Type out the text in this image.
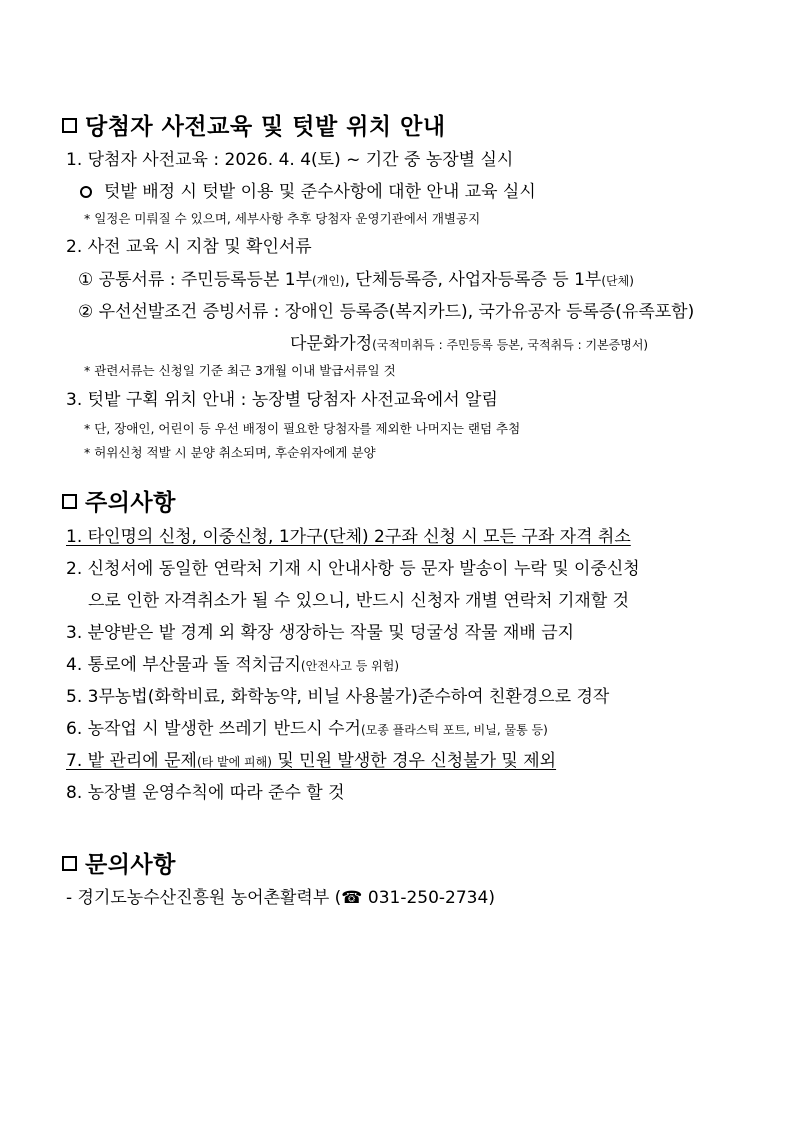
당첨자 사전교육 및 텃밭 위치 안내
1. 당첨자 사전교육 : 2026. 4. 4(토) ~ 기간 중 농장별 실시
텃밭 배정 시 텃밭 이용 및 준수사항에 대한 안내 교육 실시
* 일정은 미뤄질 수 있으며, 세부사항 추후 당첨자 운영기관에서 개별공지
2. 사전 교육 시 지참 및 확인서류
① 공통서류 : 주민등록등본 1부(개인), 단체등록증, 사업자등록증 등 1부(단체)
② 우선선발조건 증빙서류 : 장애인 등록증(복지카드), 국가유공자 등록증(유족포함)
다문화가정(국적미취득 : 주민등록 등본, 국적취득 : 기본증명서)
* 관련서류는 신청일 기준 최근 3개월 이내 발급서류일 것
3. 텃밭 구획 위치 안내 : 농장별 당첨자 사전교육에서 알림
* 단, 장애인, 어린이 등 우선 배정이 필요한 당첨자를 제외한 나머지는 랜덤 추첨
* 허위신청 적발 시 분양 취소되며, 후순위자에게 분양
주의사항
1. 타인명의 신청, 이중신청, 1가구(단체) 2구좌 신청 시 모든 구좌 자격 취소
2. 신청서에 동일한 연락처 기재 시 안내사항 등 문자 발송이 누락 및 이중신청
으로 인한 자격취소가 될 수 있으니, 반드시 신청자 개별 연락처 기재할 것
3. 분양받은 밭 경계 외 확장 생장하는 작물 및 덩굴성 작물 재배 금지
4. 통로에 부산물과 돌 적치금지(안전사고 등 위험)
5. 3무농법(화학비료, 화학농약, 비닐 사용불가)준수하여 친환경으로 경작
6. 농작업 시 발생한 쓰레기 반드시 수거(모종 플라스틱 포트, 비닐, 물통 등)
7. 밭 관리에 문제(타 밭에 피해) 및 민원 발생한 경우 신청불가 및 제외
8. 농장별 운영수칙에 따라 준수 할 것
문의사항
- 경기도농수산진흥원 농어촌활력부 (☎ 031-250-2734)
